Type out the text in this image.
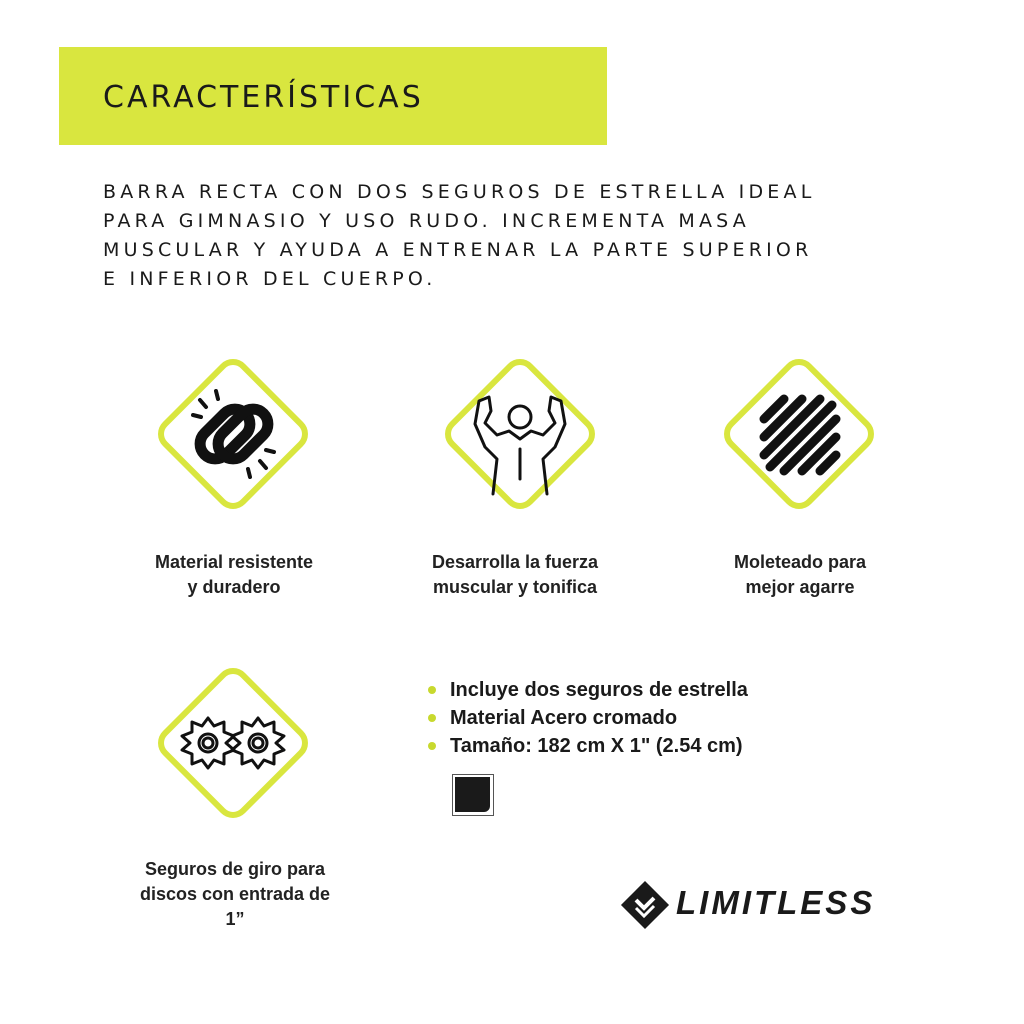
CARACTERÍSTICAS
BARRA RECTA CON DOS SEGUROS DE ESTRELLA IDEAL
PARA GIMNASIO Y USO RUDO. INCREMENTA MASA
MUSCULAR Y AYUDA A ENTRENAR LA PARTE SUPERIOR
E INFERIOR DEL CUERPO.
Material resistente
y duradero
Desarrolla la fuerza
muscular y tonifica
Moleteado para
mejor agarre
Seguros de giro para
discos con entrada de
1”
Incluye dos seguros de estrella
Material Acero cromado
Tamaño: 182 cm X 1" (2.54 cm)
LIMITLESS
